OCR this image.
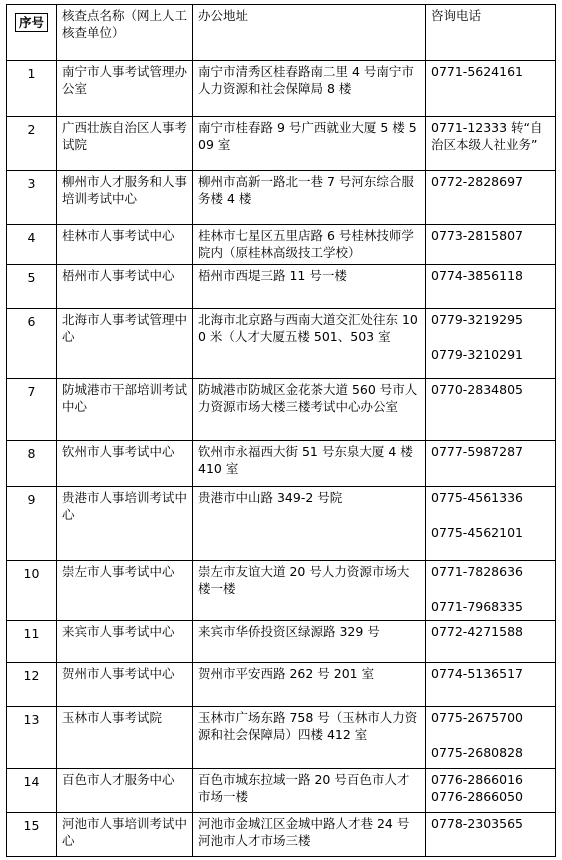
序号	核查点名称（网上人工核查单位）	办公地址	咨询电话
1	南宁市人事考试管理办公室	南宁市清秀区桂春路南二里 4 号南宁市人力资源和社会保障局 8 楼	0771-5624161

2	广西壮族自治区人事考试院	南宁市桂春路 9 号广西就业大厦 5 楼 509 室	0771-12333 转“自治区本级人社业务”

3	柳州市人才服务和人事培训考试中心	柳州市高新一路北一巷 7 号河东综合服务楼 4 楼	0772-2828697

4	桂林市人事考试中心	桂林市七星区五里店路 6 号桂林技师学院内（原桂林高级技工学校）	0773-2815807

5	梧州市人事考试中心	梧州市西堤三路 11 号一楼	0774-3856118

6	北海市人事考试管理中心	北海市北京路与西南大道交汇处往东 100 米（人才大厦五楼 501、503 室	0779-3219295
0779-3210291

7	防城港市干部培训考试中心	防城港市防城区金花茶大道 560 号市人力资源市场大楼三楼考试中心办公室	0770-2834805

8	钦州市人事考试中心	钦州市永福西大街 51 号东泉大厦 4 楼 410 室	0777-5987287

9	贵港市人事培训考试中心	贵港市中山路 349-2 号院	0775-4561336
0775-4562101

10	崇左市人事考试中心	崇左市友谊大道 20 号人力资源市场大楼一楼	0771-7828636
0771-7968335

11	来宾市人事考试中心	来宾市华侨投资区绿源路 329 号	0772-4271588

12	贺州市人事考试中心	贺州市平安西路 262 号 201 室	0774-5136517

13	玉林市人事考试院	玉林市广场东路 758 号（玉林市人力资源和社会保障局）四楼 412 室	0775-2675700
0775-2680828

14	百色市人才服务中心	百色市城东拉域一路 20 号百色市人才市场一楼	0776-2866016
0776-2866050

15	河池市人事培训考试中心	河池市金城江区金城中路人才巷 24 号河池市人才市场三楼	0778-2303565
